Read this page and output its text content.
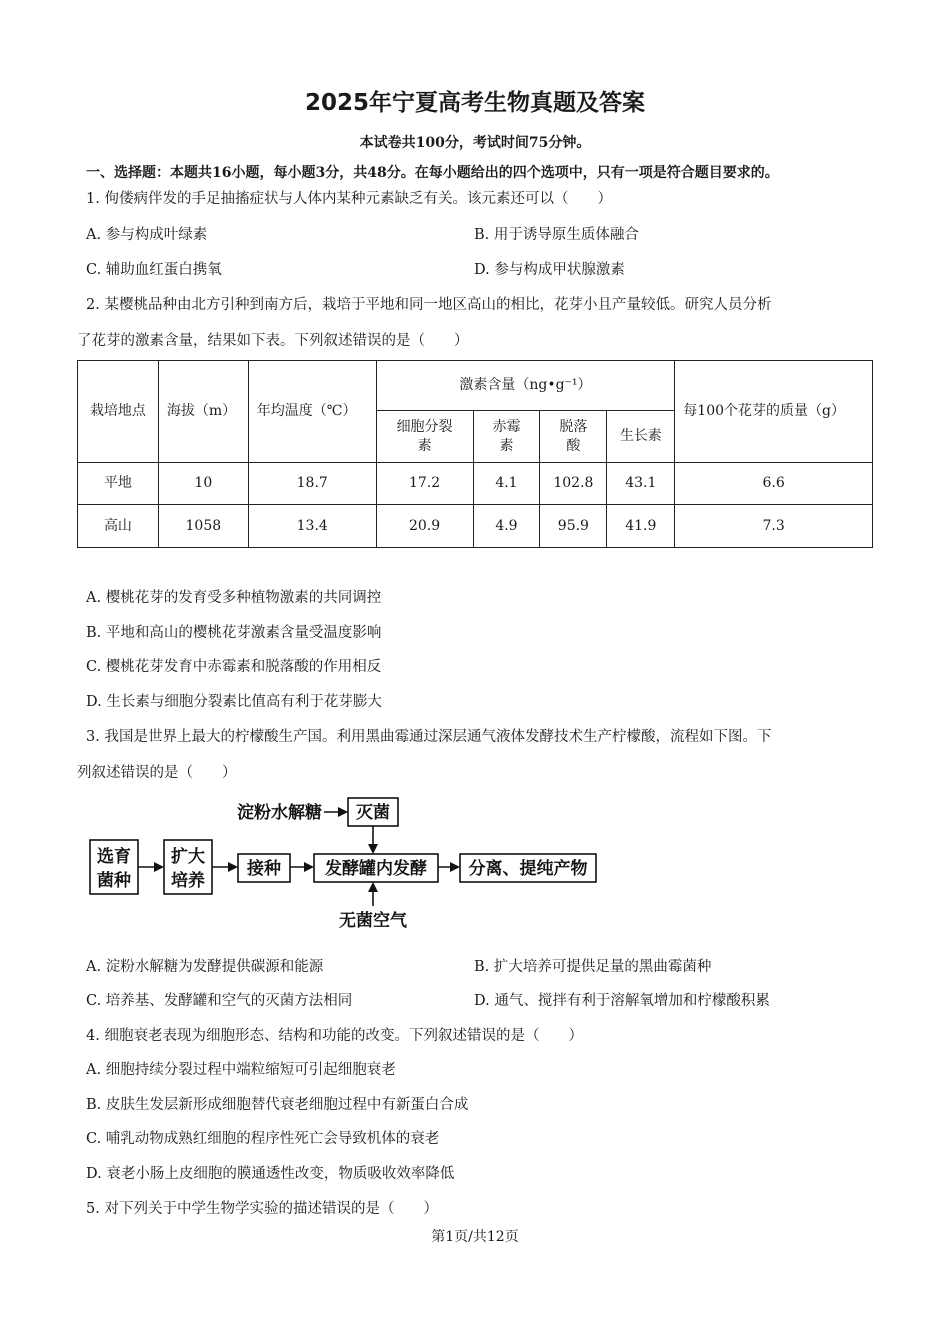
2025年宁夏高考生物真题及答案
本试卷共100分，考试时间75分钟。
一、选择题：本题共16小题，每小题3分，共48分。在每小题给出的四个选项中，只有一项是符合题目要求的。
1. 佝偻病伴发的手足抽搐症状与人体内某种元素缺乏有关。该元素还可以（　　）
A. 参与构成叶绿素	B. 用于诱导原生质体融合
C. 辅助血红蛋白携氧	D. 参与构成甲状腺激素
2. 某樱桃品种由北方引种到南方后，栽培于平地和同一地区高山的相比，花芽小且产量较低。研究人员分析
了花芽的激素含量，结果如下表。下列叙述错误的是（　　）
栽培地点	海拔（m）	年均温度（℃）	激素含量（ng•g⁻¹）				每100个花芽的质量（g）
			细胞分裂素	赤霉素	脱落酸	生长素	
平地	10	18.7	17.2	4.1	102.8	43.1	6.6
高山	1058	13.4	20.9	4.9	95.9	41.9	7.3
A. 樱桃花芽的发育受多种植物激素的共同调控
B. 平地和高山的樱桃花芽激素含量受温度影响
C. 樱桃花芽发育中赤霉素和脱落酸的作用相反
D. 生长素与细胞分裂素比值高有利于花芽膨大
3. 我国是世界上最大的柠檬酸生产国。利用黑曲霉通过深层通气液体发酵技术生产柠檬酸，流程如下图。下
列叙述错误的是（　　）
选育
菌种
扩大
培养
接种	发酵罐内发酵 分离、提纯产物
灭菌
淀粉水解糖
无菌空气
A. 淀粉水解糖为发酵提供碳源和能源	B. 扩大培养可提供足量的黑曲霉菌种
C. 培养基、发酵罐和空气的灭菌方法相同	D. 通气、搅拌有利于溶解氧增加和柠檬酸积累
4. 细胞衰老表现为细胞形态、结构和功能的改变。下列叙述错误的是（　　）
A. 细胞持续分裂过程中端粒缩短可引起细胞衰老
B. 皮肤生发层新形成细胞替代衰老细胞过程中有新蛋白合成
C. 哺乳动物成熟红细胞的程序性死亡会导致机体的衰老
D. 衰老小肠上皮细胞的膜通透性改变，物质吸收效率降低
5. 对下列关于中学生物学实验的描述错误的是（　　）
第1页/共12页
